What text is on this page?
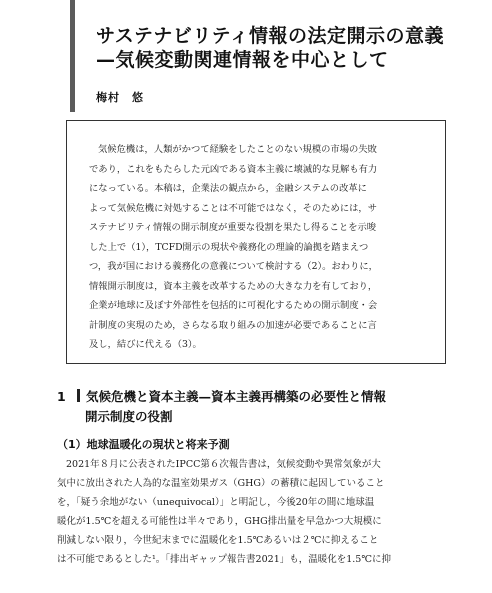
サステナビリティ情報の法定開示の意義
—気候変動関連情報を中心として
梅村　悠
気候危機は，人類がかつて経験をしたことのない規模の市場の失敗
であり，これをもたらした元凶である資本主義に壊滅的な見解も有力
になっている。本稿は，企業法の観点から，金融システムの改革に
よって気候危機に対処することは不可能ではなく，そのためには，サ
ステナビリティ情報の開示制度が重要な役割を果たし得ることを示唆
した上で（1），TCFD開示の現状や義務化の理論的論拠を踏まえつ
つ，我が国における義務化の意義について検討する（2）。おわりに，
情報開示制度は，資本主義を改革するための大きな力を有しており，
企業が地球に及ぼす外部性を包括的に可視化するための開示制度・会
計制度の実現のため，さらなる取り組みの加速が必要であることに言
及し，結びに代える（3）。
1 気候危機と資本主義—資本主義再構築の必要性と情報
開示制度の役割
（1）地球温暖化の現状と将来予測
2021年８月に公表されたIPCC第６次報告書は，気候変動や異常気象が大
気中に放出された人為的な温室効果ガス（GHG）の蓄積に起因していること
を，「疑う余地がない（unequivocal）」と明記し，今後20年の間に地球温
暖化が1.5℃を超える可能性は半々であり，GHG排出量を早急かつ大規模に
削減しない限り，今世紀末までに温暖化を1.5℃あるいは２℃に抑えること
は不可能であるとした¹。「排出ギャップ報告書2021」も，温暖化を1.5℃に抑
